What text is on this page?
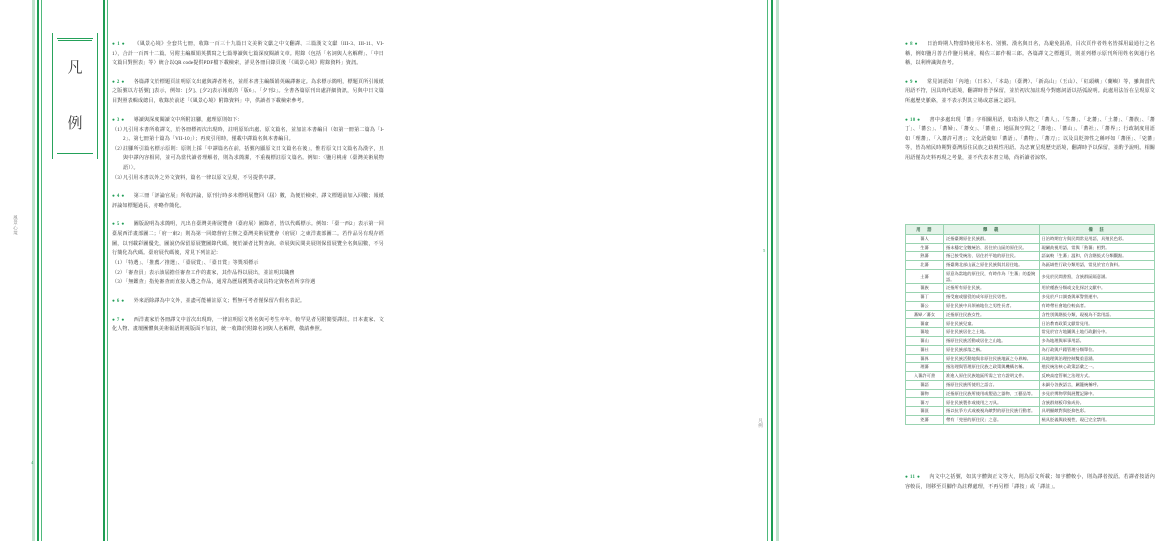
凡
例
4
風景心境

● 1 ● 《風景心境》全套共七冊，收錄一百三十九篇日文美術文獻之中文翻譯、三篇漢文文獻（III-3、III-11、VI-1），合計一百四十二篇。另附主編顏娟英撰寫之七篇導讀與七篇深度閱讀文章。附錄（包括「名詞與人名解釋」、「中日文篇目對照表」等）統合以QR code提供PDF檔下載檢索，詳見各冊目錄頁後「《風景心境》附錄資料」資訊。

● 2 ● 各篇譯文於標題頁註明原文出處與譯者姓名，並經本書主編顏娟英編譯審定。為求標示簡明，標題頁所引報紙之版號以方括號[ ]表示，例如：[夕]、[夕2]表示報紙的「版6」、「夕刊2」。全書各篇原刊出處詳細資訊，另與中日文篇目對照表輯成總目，收錄於前述「《風景心境》附錄資料」中，供讀者下載檢索參考。

● 3 ● 導讀與深度閱讀文中所附註腳，處理原則如下：

（1）
凡引用本書所收譯文，於各冊標初次出現時，註明原始出處、原文篇名，並加註本書編目（如第一冊第二篇為「I-2」、第七冊第十篇為「VII-10」）；再度引用時，僅載中譯篇名與本書編目。
（2）
註腳所引篇名標示原則：原則上採「中譯篇名在前，括號內顯原文日文篇名在後」，惟若原文日文篇名為漢字，且與中譯內容相同，並可為當代讀者理解者，則為求簡潔，不重複標註原文篇名。例如：〈鹽月桃甫（臺灣美術展物語）〉。
（3）
凡引用本書以外之外文資料，篇名一律以原文呈現，不另提供中譯。

● 4 ● 第三冊「評論官展」所收評論，原刊行時多未標明展覽回（屆）數，為便於檢索，譯文標題前加入回數；報紙評論如標題過長，亦略作簡化。

● 5 ● 圖版說明為求簡明，凡出自臺灣美術展覽會（臺府展）圖錄者，皆以代碼標示。例如：「臺一西2」表示第一回臺展西洋畫部圖二；「府一東2」則為第一回總督府主辦之臺灣美術展覽會（府展）之東洋畫部圖二。若作品另有現存經圖，以刊載彩圖優先，圖說仍保留原展覽圖錄代碼，便於讀者比對查詢。帝展與民間美展則保留展覽全名與屆數，不另行簡化為代碼。臺府展代碼後，常見下列註記：

（1）
「特選」、「推薦／推選」、「臺展賞」、「臺日賞」等獎項標示
（2）
「審查員」表示該屆擔任審查工作的畫家，其作品得以展出，並註明其職務
（3）
「無鑑查」指免審查而直接入選之作品，通常為歷屆獲獎者或具特定資格者所享待遇

● 6 ● 外來語除譯為中文外，並盡可能補註原文；暫無可考者僅保留片假名表記。

● 7 ● 西洋畫家於各冊譯文中首次出現時，一律註明原文姓名與可考生卒年，較罕見者另附簡要譯註。日本畫家、文化人物、畫壇團體與美術報語則視版面不加註，統一收錄於附錄名詞與人名解釋，敬請參照。

5
凡例

● 8 ● 日治時期人物當時使用本名、別號、漢名與日名，為避免混淆，目次頁作者姓名皆採用最通行之名稱，例如鹽月善吉作鹽月桃甫，楊佐三郎作楊三郎。各篇譯文之標題頁，則並列標示原刊所用姓名與通行名稱，以利辨識與查考。

● 9 ● 常見詞語如「內地」（日本）、「本島」（臺灣）、「新高山」（玉山）、「紅頭嶼」（蘭嶼）等，雖與當代用語不符，因具時代語境，翻譯時皆予保留，並於初次加註現今對應詞語以括弧說明。此處用法旨在呈現原文所處歷史脈絡，並不表示對其立場或意涵之認同。

● 10 ● 書中多處出現「蕃」字相關用語，如指涉人物之「蕃人」、「生蕃」、「北蕃」、「土蕃」、「蕃族」、「蕃丁」、「蕃公」、「蕃婦」、「蕃女」、「蕃童」；地區與空間之「蕃地」、「蕃山」、「蕃社」、「蕃界」；行政制度用語如「理蕃」、「入蕃許可書」；文化語彙如「蕃語」、「蕃物」、「蕃刀」；以及具貶抑性之稱呼如「蕃匪」、「兇蕃」等，皆為殖民時期對臺灣原住民族之歧視性用語。為忠實呈現歷史語境，翻譯時予以保留，並酌予說明。相關用語僅為史料再現之考量，並不代表本書立場，尚祈讀者諒察。

用　語	釋　義	備　註
蕃人	泛指臺灣原住民族群。	日治時期官方與民間常見用語，具殖民色彩。
生蕃	指未穩定全數統治、居住於山區的原住民。	現屬歧視用語，常與「熟蕃」相對。
熟蕃	指已接受統治、居住於平地的原住民。	語氣較「生蕃」溫和，仍含階級式分類觀點。
北蕃	指臺灣北部山區之原住民族與其居住地。	為區域性行政分類用語，常見於官方資料。
土蕃	原意為當地的原住民，有時作為「生蕃」的委婉語。	多見於民間書寫，含族群區隔意涵。
蕃族	泛指所有原住民族。	用於種族分類或文化探討文獻中。
蕃丁	指受雇或服役的成年原住民男性。	多見於戶口調查與軍警營運中。
蕃公	原住民族中具領袖地位之男性長者。	有時帶社會地位較高者。
蕃婦／蕃女	泛指原住民族女性。	含性別與階級分類，現視為不當用語。
蕃童	原住民族兒童。	日治教育政策文獻常見用。
蕃地	原住民族居住之土地。	常見於官方地圖與土地行政劃分中。
蕃山	指原住民族活動或居住之山地。	多為地理與軍事用語。
蕃社	原住民族部落之稱。	為行政與戶籍管理分類單位。
蕃界	原住民族活動地與非原住民族地區之分界線。	具地理與治理控制雙重意涵。
理蕃	指治理與管理原住民族之政策與機構名稱。	殖民統治核心政策語彙之一。
入蕃許可書	准進入原住民族地區所需之官方證明文件。	反映高度管制之治理方式。
蕃語	指原住民族所使用之語言。	未細分各族語言，屬籠統稱呼。
蕃物	泛指原住民族所使用或製造之器物、工藝品等。	多見於博物學與展覽記錄中。
蕃刀	原住民族製作或使用之刀具。	含族群刻板印象成份。
蕃匪	指以抗爭方式或被視為敵對的原住民族行動者。	具明顯敵對與貶抑色彩。
兇蕃	帶有「兇惡的原住民」之意。	極具貶義與歧視性，現已完全禁用。

● 11 ● 內文中之括號，如其字體與正文等大，則為原文所載；如字體較小，則為譯者按語。若譯者按語內容較長，則移至頁腳作為註釋處理，不再另標「譯按」或「譯註」。
